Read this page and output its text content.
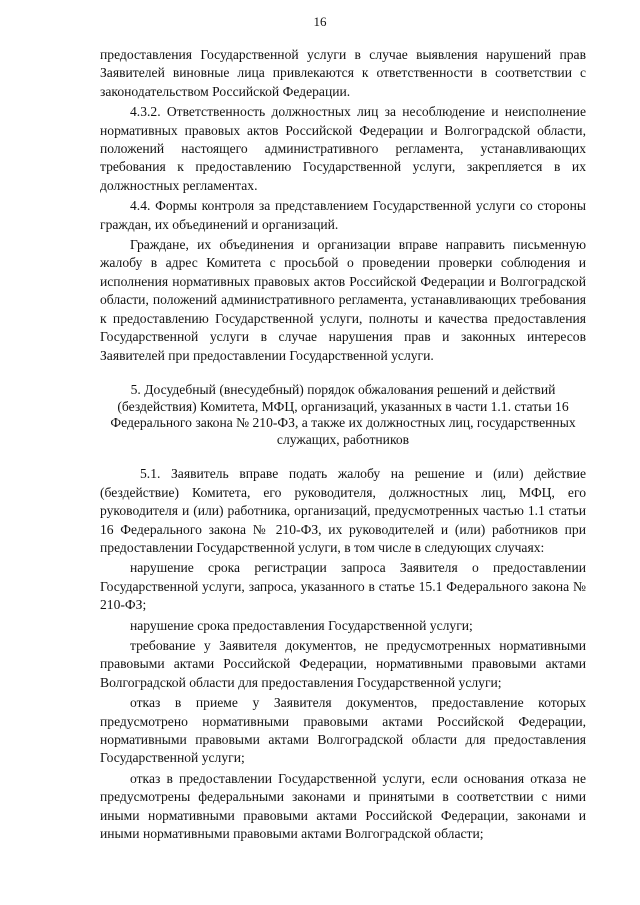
16

предоставления Государственной услуги в случае выявления нарушений прав Заявителей виновные лица привлекаются к ответственности в соответствии с законодательством Российской Федерации.

4.3.2. Ответственность должностных лиц за несоблюдение и неисполнение нормативных правовых актов Российской Федерации и Волгоградской области, положений настоящего административного регламента, устанавливающих требования к предоставлению Государственной услуги, закрепляется в их должностных регламентах.

4.4. Формы контроля за представлением Государственной услуги со стороны граждан, их объединений и организаций.

Граждане, их объединения и организации вправе направить письменную жалобу в адрес Комитета с просьбой о проведении проверки соблюдения и исполнения нормативных правовых актов Российской Федерации и Волгоградской области, положений административного регламента, устанавливающих требования к предоставлению Государственной услуги, полноты и качества предоставления Государственной услуги в случае нарушения прав и законных интересов Заявителей при предоставлении Государственной услуги.

5. Досудебный (внесудебный) порядок обжалования решений и действий (бездействия) Комитета, МФЦ, организаций, указанных в части 1.1. статьи 16 Федерального закона № 210-ФЗ, а также их должностных лиц, государственных служащих, работников

5.1. Заявитель вправе подать жалобу на решение и (или) действие (бездействие) Комитета, его руководителя, должностных лиц, МФЦ, его руководителя и (или) работника, организаций, предусмотренных частью 1.1 статьи 16 Федерального закона № 210-ФЗ, их руководителей и (или) работников при предоставлении Государственной услуги, в том числе в следующих случаях:

нарушение срока регистрации запроса Заявителя о предоставлении Государственной услуги, запроса, указанного в статье 15.1 Федерального закона № 210-ФЗ;

нарушение срока предоставления Государственной услуги;

требование у Заявителя документов, не предусмотренных нормативными правовыми актами Российской Федерации, нормативными правовыми актами Волгоградской области для предоставления Государственной услуги;

отказ в приеме у Заявителя документов, предоставление которых предусмотрено нормативными правовыми актами Российской Федерации, нормативными правовыми актами Волгоградской области для предоставления Государственной услуги;

отказ в предоставлении Государственной услуги, если основания отказа не предусмотрены федеральными законами и принятыми в соответствии с ними иными нормативными правовыми актами Российской Федерации, законами и иными нормативными правовыми актами Волгоградской области;
